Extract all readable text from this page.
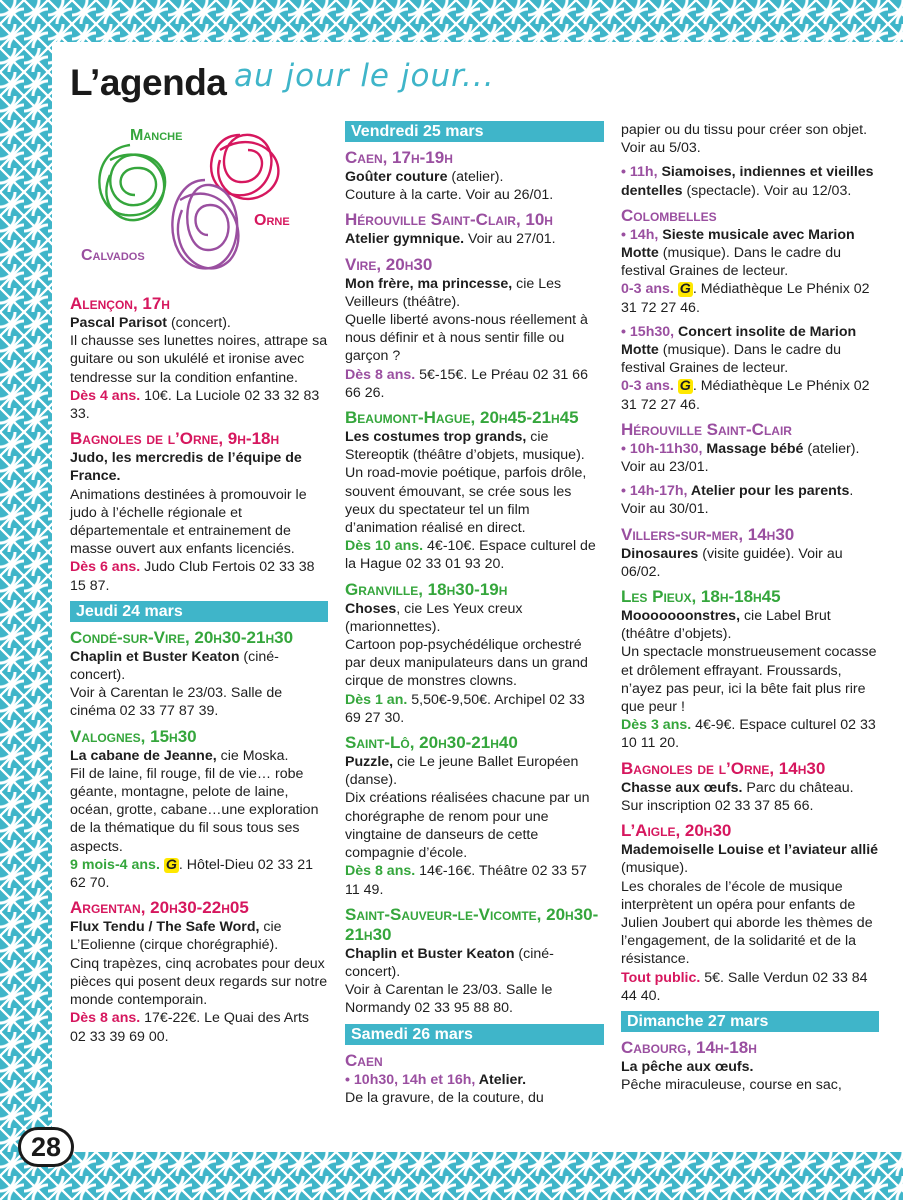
L’agenda au jour le jour...
Manche
Orne
Calvados
Alençon, 17h
Pascal Parisot (concert).
Il chausse ses lunettes noires, attrape sa guitare ou son ukulélé et ironise avec tendresse sur la condition enfantine.
Dès 4 ans. 10€. La Luciole 02 33 32 83 33.
Bagnoles de l’Orne, 9h-18h
Judo, les mercredis de l’équipe de France.
Animations destinées à promouvoir le judo à l’échelle régionale et départementale et entrainement de masse ouvert aux enfants licenciés.
Dès 6 ans. Judo Club Fertois 02 33 38 15 87.
Jeudi 24 mars
Condé-sur-Vire, 20h30-21h30
Chaplin et Buster Keaton (ciné-concert).
Voir à Carentan le 23/03. Salle de cinéma 02 33 77 87 39.
Valognes, 15h30
La cabane de Jeanne, cie Moska.
Fil de laine, fil rouge, fil de vie… robe géante, montagne, pelote de laine, océan, grotte, cabane…une exploration de la thématique du fil sous tous ses aspects.
9 mois-4 ans. G . Hôtel-Dieu 02 33 21 62 70.
Argentan, 20h30-22h05
Flux Tendu / The Safe Word, cie L’Eolienne (cirque chorégraphié).
Cinq trapèzes, cinq acrobates pour deux pièces qui posent deux regards sur notre monde contemporain.
Dès 8 ans. 17€-22€. Le Quai des Arts 02 33 39 69 00.
Vendredi 25 mars
Caen, 17h-19h
Goûter couture (atelier).
Couture à la carte. Voir au 26/01.
Hérouville Saint-Clair, 10h
Atelier gymnique. Voir au 27/01.
Vire, 20h30
Mon frère, ma princesse, cie Les Veilleurs (théâtre).
Quelle liberté avons-nous réellement à nous définir et à nous sentir fille ou garçon ?
Dès 8 ans. 5€-15€. Le Préau 02 31 66 66 26.
Beaumont-Hague, 20h45-21h45
Les costumes trop grands, cie Stereoptik (théâtre d’objets, musique).
Un road-movie poétique, parfois drôle, souvent émouvant, se crée sous les yeux du spectateur tel un film d’animation réalisé en direct.
Dès 10 ans. 4€-10€. Espace culturel de la Hague 02 33 01 93 20.
Granville, 18h30-19h
Choses, cie Les Yeux creux (marionnettes).
Cartoon pop-psychédélique orchestré par deux manipulateurs dans un grand cirque de monstres clowns.
Dès 1 an. 5,50€-9,50€. Archipel 02 33 69 27 30.
Saint-Lô, 20h30-21h40
Puzzle, cie Le jeune Ballet Européen (danse).
Dix créations réalisées chacune par un chorégraphe de renom pour une vingtaine de danseurs de cette compagnie d’école.
Dès 8 ans. 14€-16€. Théâtre 02 33 57 11 49.
Saint-Sauveur-le-Vicomte, 20h30-21h30
Chaplin et Buster Keaton (ciné-concert).
Voir à Carentan le 23/03. Salle le Normandy 02 33 95 88 80.
Samedi 26 mars
Caen
• 10h30, 14h et 16h, Atelier.
De la gravure, de la couture, du
papier ou du tissu pour créer son objet. Voir au 5/03.
• 11h, Siamoises, indiennes et vieilles dentelles (spectacle). Voir au 12/03.
Colombelles
• 14h, Sieste musicale avec Marion Motte (musique). Dans le cadre du festival Graines de lecteur.
0-3 ans. G . Médiathèque Le Phénix 02 31 72 27 46.
• 15h30, Concert insolite de Marion Motte (musique). Dans le cadre du festival Graines de lecteur.
0-3 ans. G . Médiathèque Le Phénix 02 31 72 27 46.
Hérouville Saint-Clair
• 10h-11h30, Massage bébé (atelier). Voir au 23/01.
• 14h-17h, Atelier pour les parents. Voir au 30/01.
Villers-sur-mer, 14h30
Dinosaures (visite guidée). Voir au 06/02.
Les Pieux, 18h-18h45
Mooooooonstres, cie Label Brut (théâtre d’objets).
Un spectacle monstrueusement cocasse et drôlement effrayant. Froussards, n’ayez pas peur, ici la bête fait plus rire que peur !
Dès 3 ans. 4€-9€. Espace culturel 02 33 10 11 20.
Bagnoles de l’Orne, 14h30
Chasse aux œufs. Parc du château. Sur inscription 02 33 37 85 66.
L’Aigle, 20h30
Mademoiselle Louise et l’aviateur allié (musique).
Les chorales de l’école de musique interprètent un opéra pour enfants de Julien Joubert qui aborde les thèmes de l’engagement, de la solidarité et de la résistance.
Tout public. 5€. Salle Verdun 02 33 84 44 40.
Dimanche 27 mars
Cabourg, 14h-18h
La pêche aux œufs.
Pêche miraculeuse, course en sac,
28
